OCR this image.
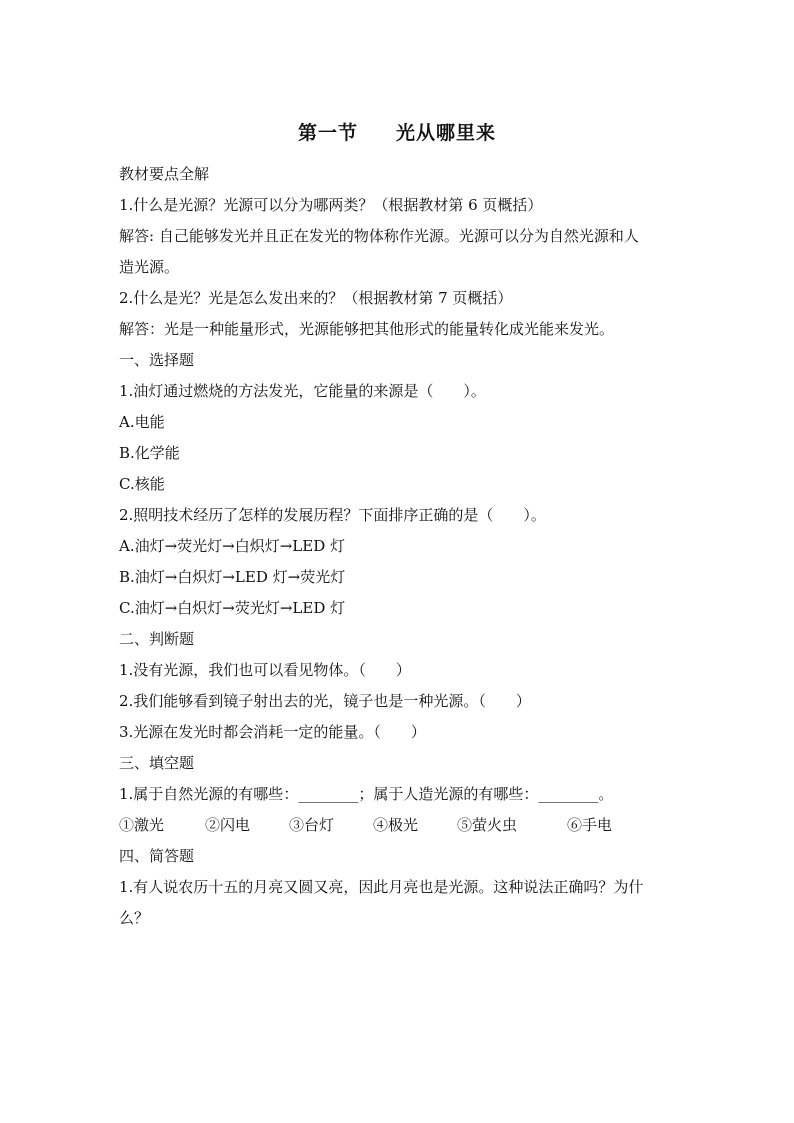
第一节 光从哪里来
教材要点全解
1.什么是光源？光源可以分为哪两类？（根据教材第 6 页概括）
解答: 自己能够发光并且正在发光的物体称作光源。光源可以分为自然光源和人
造光源。
2.什么是光？光是怎么发出来的？（根据教材第 7 页概括）
解答：光是一种能量形式，光源能够把其他形式的能量转化成光能来发光。
一、选择题
1.油灯通过燃烧的方法发光，它能量的来源是（　　）。
A.电能
B.化学能
C.核能
2.照明技术经历了怎样的发展历程？下面排序正确的是（　　）。
A.油灯→荧光灯→白炽灯→LED 灯
B.油灯→白炽灯→LED 灯→荧光灯
C.油灯→白炽灯→荧光灯→LED 灯
二、判断题
1.没有光源，我们也可以看见物体。（　　）
2.我们能够看到镜子射出去的光，镜子也是一种光源。（　　）
3.光源在发光时都会消耗一定的能量。（　　）
三、填空题
1.属于自然光源的有哪些：________；属于人造光源的有哪些：________。
①激光	②闪电	③台灯	④极光	⑤萤火虫	⑥手电
四、简答题
1.有人说农历十五的月亮又圆又亮，因此月亮也是光源。这种说法正确吗？为什
么？
